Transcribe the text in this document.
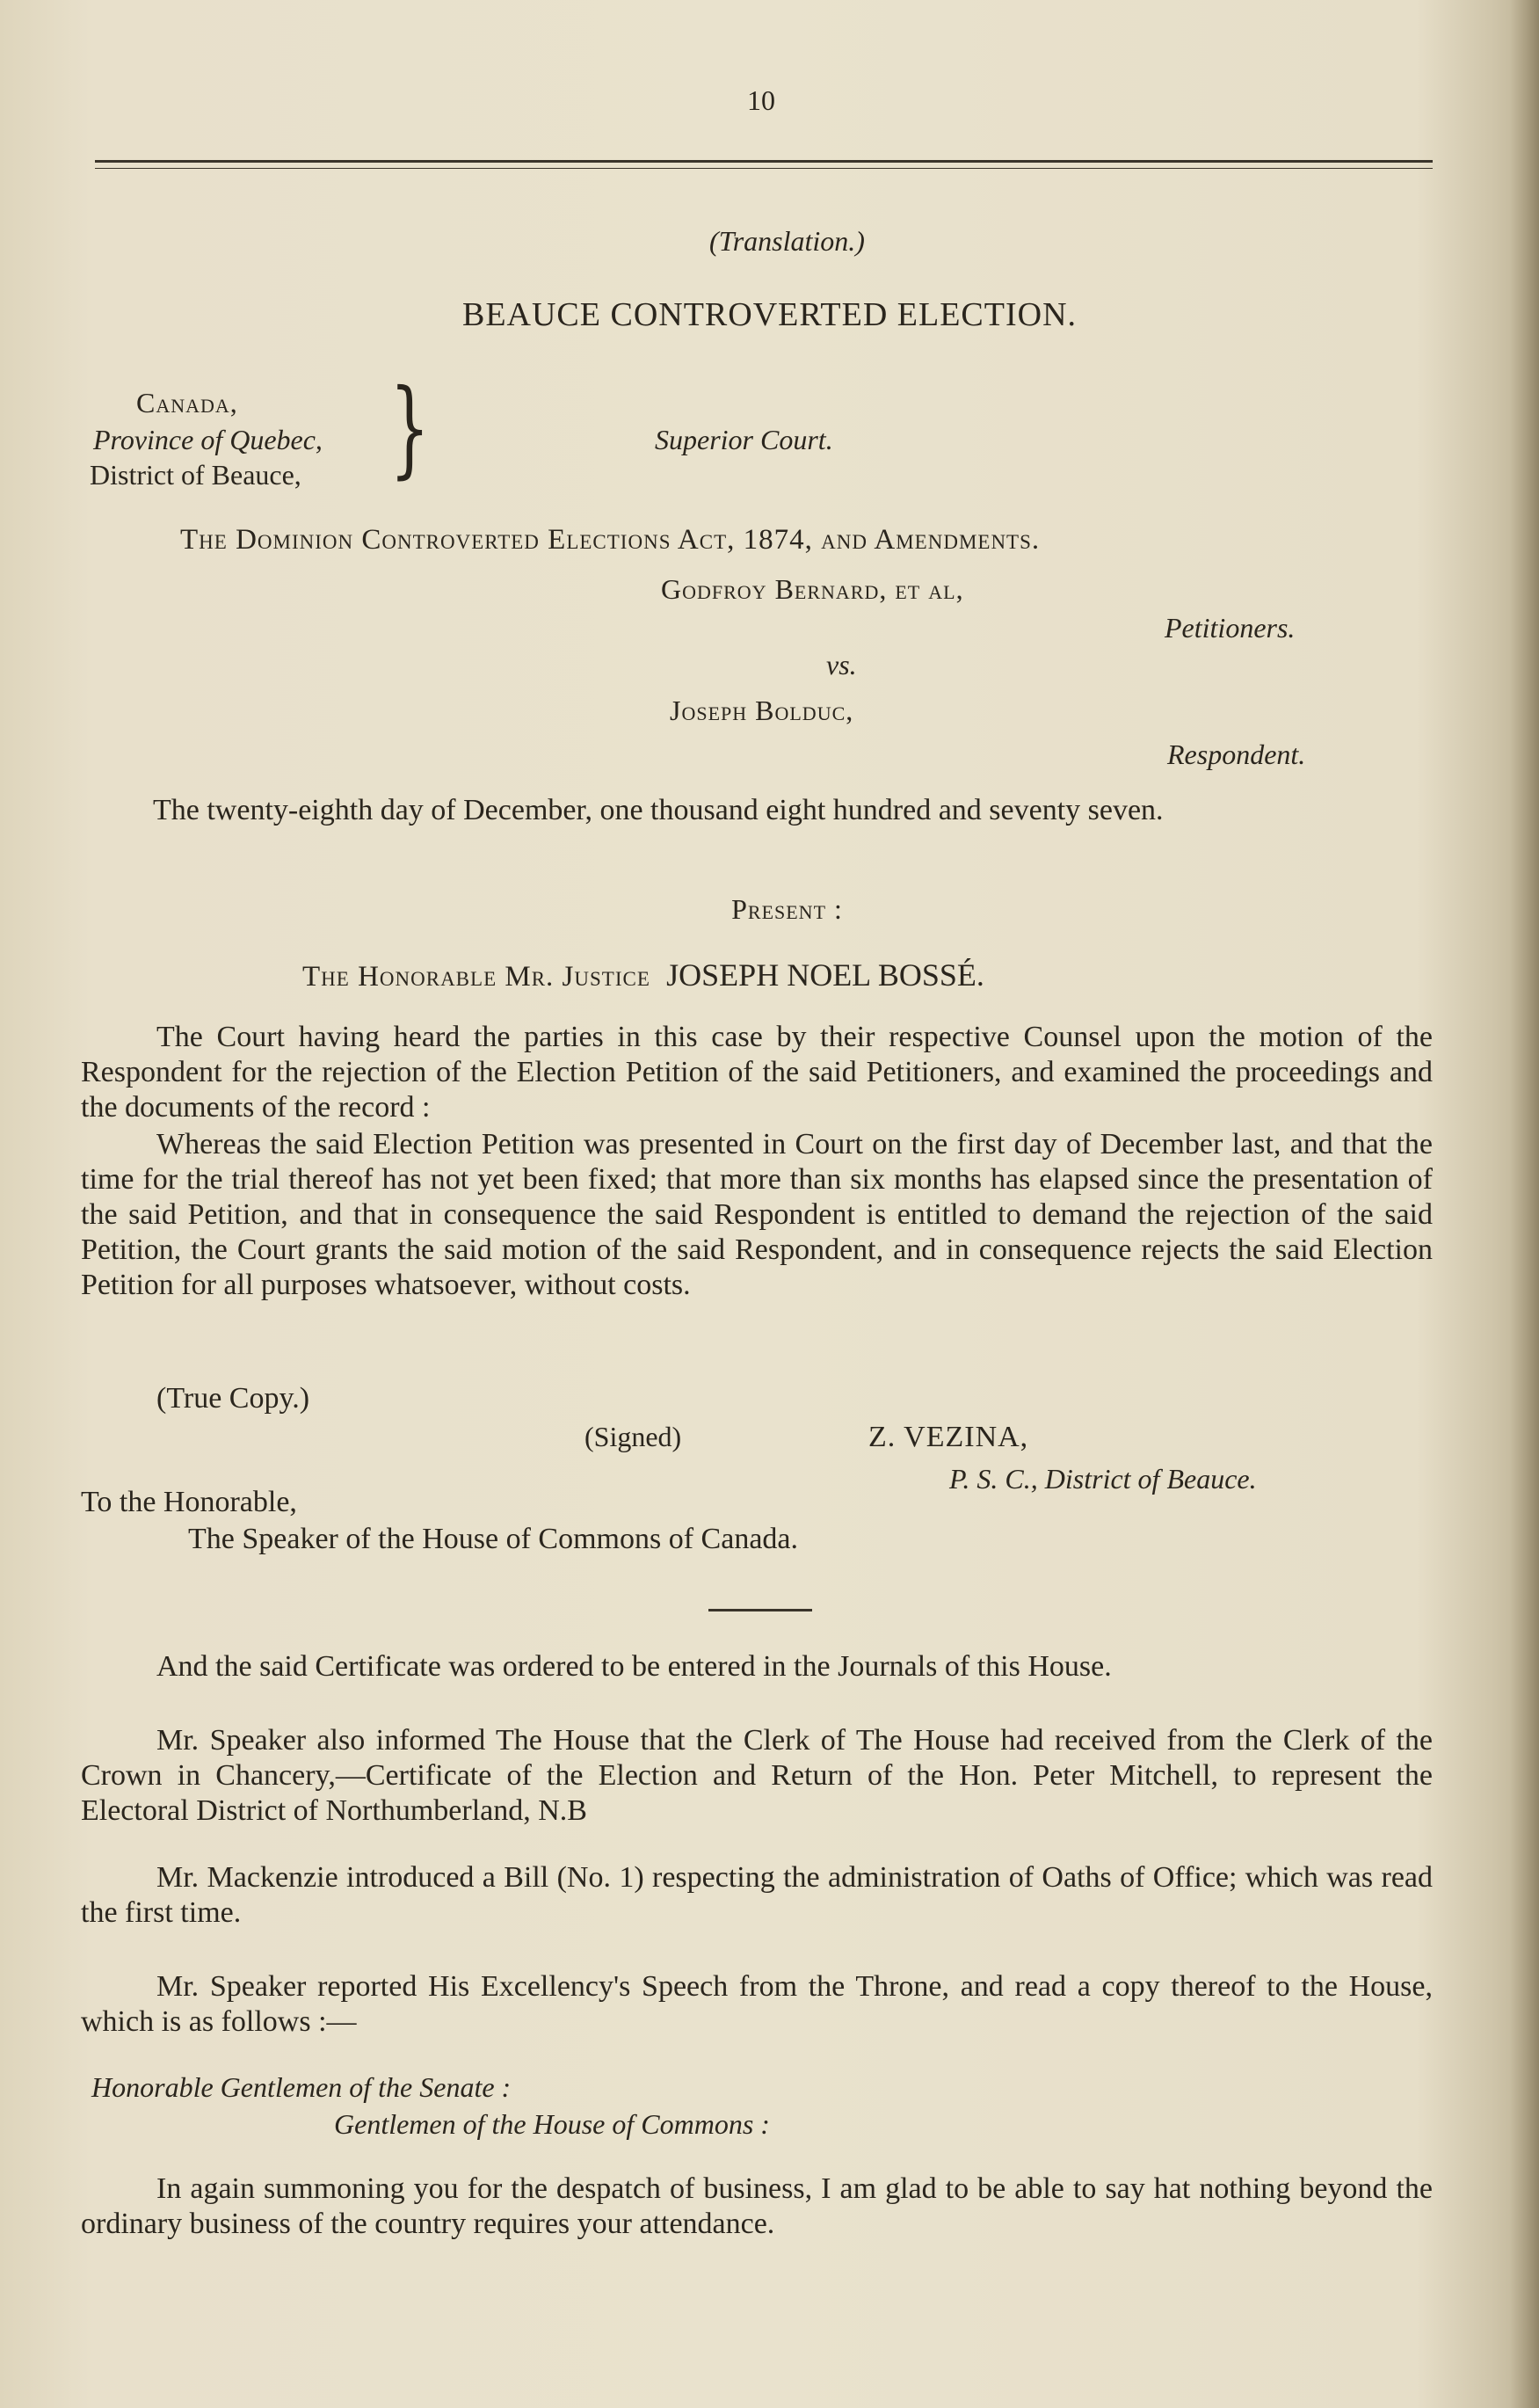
10
(Translation.)
BEAUCE CONTROVERTED ELECTION.
Canada,
Province of Quebec,
District of Beauce, }	Superior Court.
The Dominion Controverted Elections Act, 1874, and Amendments.
Godfroy Bernard, et al,
Petitioners.
vs.
Joseph Bolduc,
Respondent.
The twenty-eighth day of December, one thousand eight hundred and seventy seven.
Present :
The Honorable Mr. Justice JOSEPH NOEL BOSSÉ.
The Court having heard the parties in this case by their respective Counsel upon the motion of the Respondent for the rejection of the Election Petition of the said Petitioners, and examined the proceedings and the documents of the record :
Whereas the said Election Petition was presented in Court on the first day of December last, and that the time for the trial thereof has not yet been fixed; that more than six months has elapsed since the presentation of the said Petition, and that in consequence the said Respondent is entitled to demand the rejection of the said Petition, the Court grants the said motion of the said Respondent, and in consequence rejects the said Election Petition for all purposes whatsoever, without costs.
(True Copy.)
(Signed)	Z. VEZINA,
P. S. C., District of Beauce.
To the Honorable,
The Speaker of the House of Commons of Canada.
And the said Certificate was ordered to be entered in the Journals of this House.
Mr. Speaker also informed The House that the Clerk of The House had received from the Clerk of the Crown in Chancery,—Certificate of the Election and Return of the Hon. Peter Mitchell, to represent the Electoral District of Northumberland, N.B
Mr. Mackenzie introduced a Bill (No. 1) respecting the administration of Oaths of Office; which was read the first time.
Mr. Speaker reported His Excellency's Speech from the Throne, and read a copy thereof to the House, which is as follows :—
Honorable Gentlemen of the Senate :
Gentlemen of the House of Commons :
In again summoning you for the despatch of business, I am glad to be able to say hat nothing beyond the ordinary business of the country requires your attendance.
